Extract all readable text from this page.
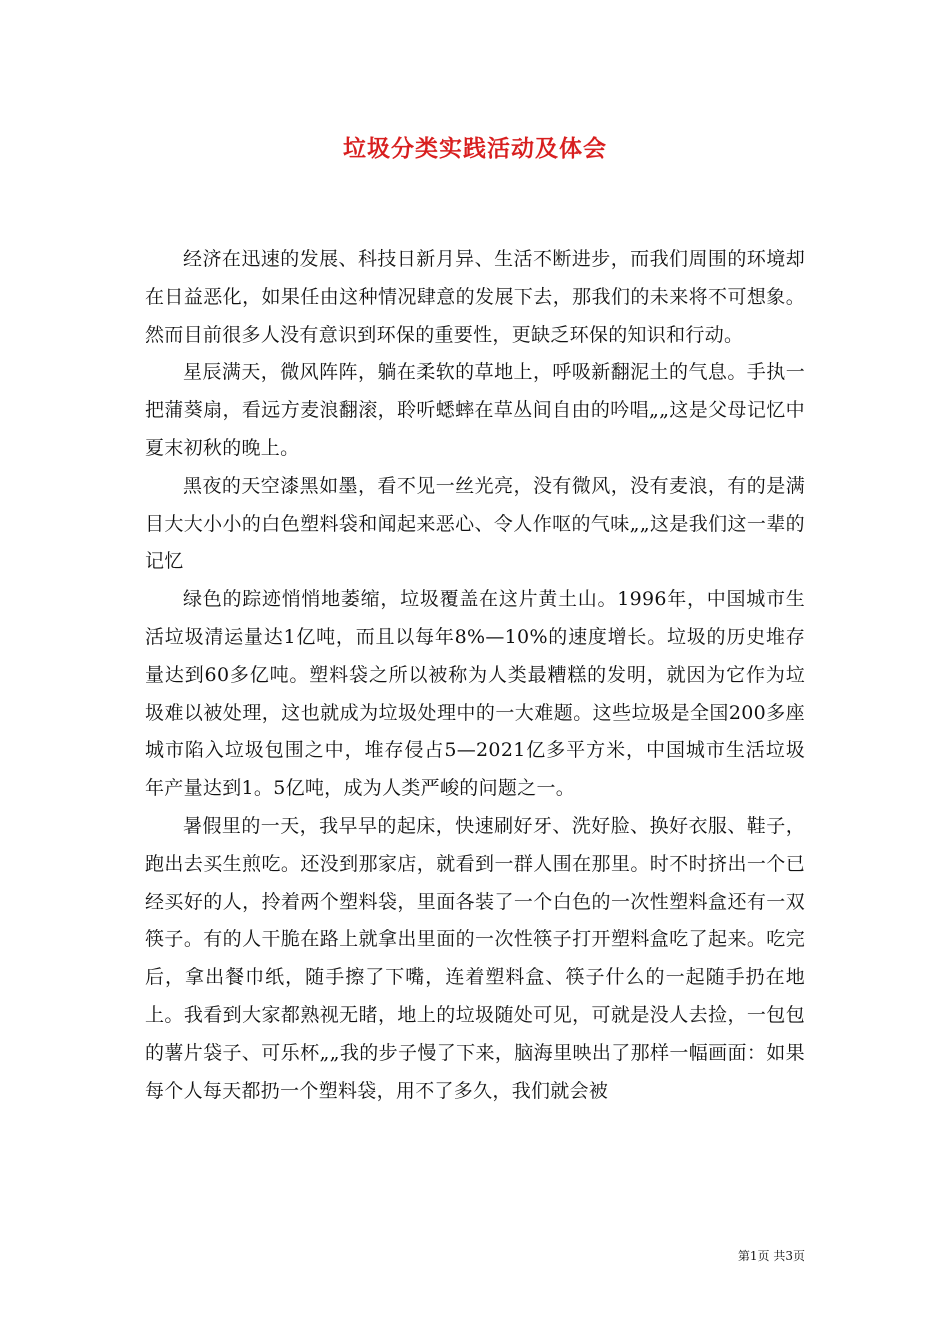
垃圾分类实践活动及体会

经济在迅速的发展、科技日新月异、生活不断进步，而我们周围的环境却在日益恶化，如果任由这种情况肆意的发展下去，那我们的未来将不可想象。然而目前很多人没有意识到环保的重要性，更缺乏环保的知识和行动。

星辰满天，微风阵阵，躺在柔软的草地上，呼吸新翻泥土的气息。手执一把蒲葵扇，看远方麦浪翻滚，聆听蟋蟀在草丛间自由的吟唱„„这是父母记忆中夏末初秋的晚上。

黑夜的天空漆黑如墨，看不见一丝光亮，没有微风，没有麦浪，有的是满目大大小小的白色塑料袋和闻起来恶心、令人作呕的气味„„这是我们这一辈的记忆

绿色的踪迹悄悄地萎缩，垃圾覆盖在这片黄土山。1996年，中国城市生活垃圾清运量达1亿吨，而且以每年8%—10%的速度增长。垃圾的历史堆存量达到60多亿吨。塑料袋之所以被称为人类最糟糕的发明，就因为它作为垃圾难以被处理，这也就成为垃圾处理中的一大难题。这些垃圾是全国200多座城市陷入垃圾包围之中，堆存侵占5—2021亿多平方米，中国城市生活垃圾年产量达到1。5亿吨，成为人类严峻的问题之一。

暑假里的一天，我早早的起床，快速刷好牙、洗好脸、换好衣服、鞋子，跑出去买生煎吃。还没到那家店，就看到一群人围在那里。时不时挤出一个已经买好的人，拎着两个塑料袋，里面各装了一个白色的一次性塑料盒还有一双筷子。有的人干脆在路上就拿出里面的一次性筷子打开塑料盒吃了起来。吃完后，拿出餐巾纸，随手擦了下嘴，连着塑料盒、筷子什么的一起随手扔在地上。我看到大家都熟视无睹，地上的垃圾随处可见，可就是没人去捡，一包包的薯片袋子、可乐杯„„我的步子慢了下来，脑海里映出了那样一幅画面：如果每个人每天都扔一个塑料袋，用不了多久，我们就会被

第1页 共3页
